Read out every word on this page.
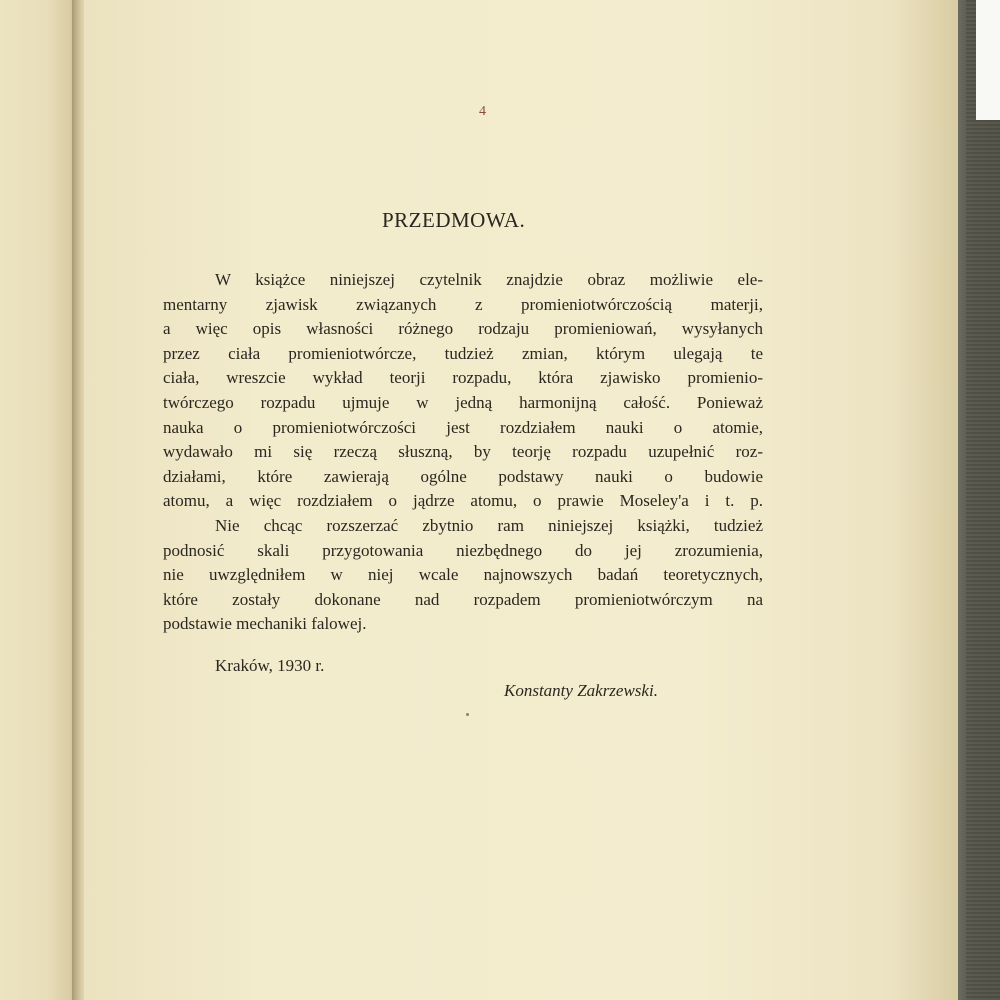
4
PRZEDMOWA.
W książce niniejszej czytelnik znajdzie obraz możliwie ele-
mentarny zjawisk związanych z promieniotwórczością materji,
a więc opis własności różnego rodzaju promieniowań, wysyłanych
przez ciała promieniotwórcze, tudzież zmian, którym ulegają te
ciała, wreszcie wykład teorji rozpadu, która zjawisko promienio-
twórczego rozpadu ujmuje w jedną harmonijną całość. Ponieważ
nauka o promieniotwórczości jest rozdziałem nauki o atomie,
wydawało mi się rzeczą słuszną, by teorję rozpadu uzupełnić roz-
działami, które zawierają ogólne podstawy nauki o budowie
atomu, a więc rozdziałem o jądrze atomu, o prawie Moseley'a i t. p.
Nie chcąc rozszerzać zbytnio ram niniejszej książki, tudzież
podnosić skali przygotowania niezbędnego do jej zrozumienia,
nie uwzględniłem w niej wcale najnowszych badań teoretycznych,
które zostały dokonane nad rozpadem promieniotwórczym na
podstawie mechaniki falowej.
Kraków, 1930 r.
Konstanty Zakrzewski.
